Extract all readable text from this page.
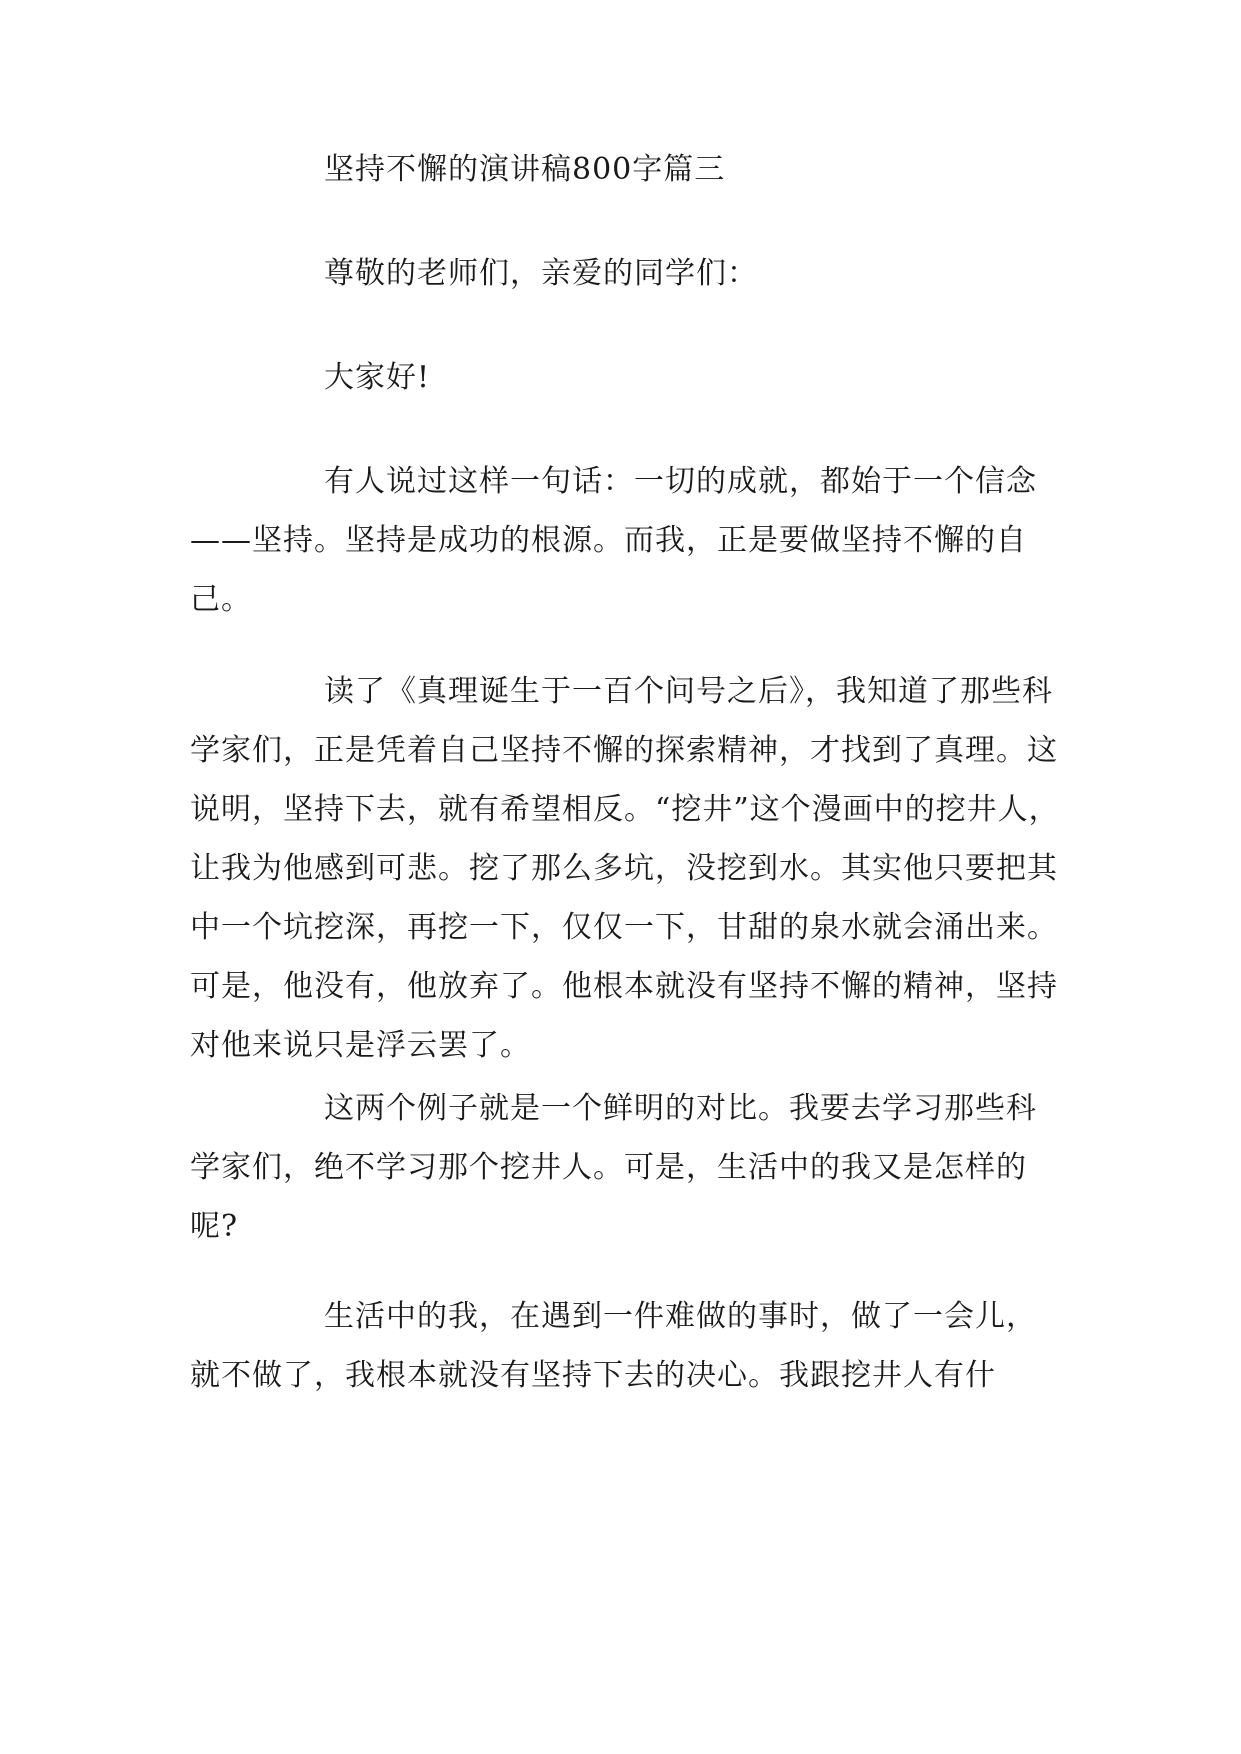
坚持不懈的演讲稿800字篇三
尊敬的老师们，亲爱的同学们：
大家好!
有人说过这样一句话：一切的成就，都始于一个信念——坚持。坚持是成功的根源。而我，正是要做坚持不懈的自己。
读了《真理诞生于一百个问号之后》，我知道了那些科学家们，正是凭着自己坚持不懈的探索精神，才找到了真理。这说明，坚持下去，就有希望相反。“挖井”这个漫画中的挖井人，让我为他感到可悲。挖了那么多坑，没挖到水。其实他只要把其中一个坑挖深，再挖一下，仅仅一下，甘甜的泉水就会涌出来。可是，他没有，他放弃了。他根本就没有坚持不懈的精神，坚持对他来说只是浮云罢了。
这两个例子就是一个鲜明的对比。我要去学习那些科学家们，绝不学习那个挖井人。可是，生活中的我又是怎样的呢?
生活中的我，在遇到一件难做的事时，做了一会儿，就不做了，我根本就没有坚持下去的决心。我跟挖井人有什
